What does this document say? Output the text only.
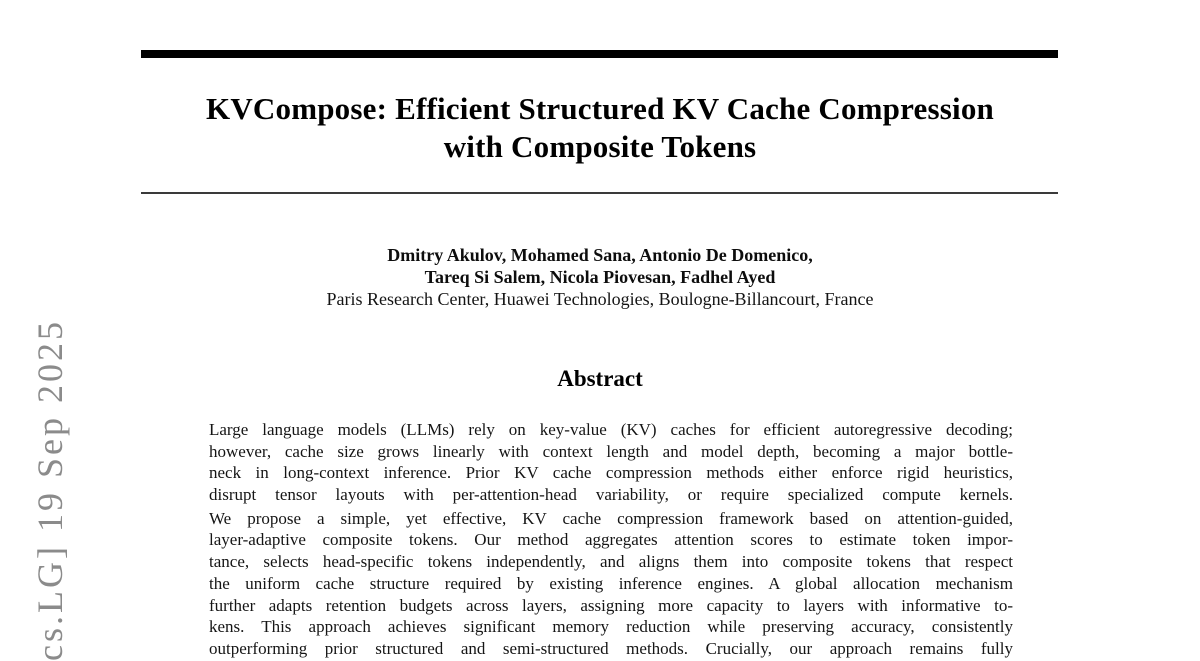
cs.LG] 19 Sep 2025
KVCompose: Efficient Structured KV Cache Compression
with Composite Tokens
Dmitry Akulov, Mohamed Sana, Antonio De Domenico,
Tareq Si Salem, Nicola Piovesan, Fadhel Ayed
Paris Research Center, Huawei Technologies, Boulogne-Billancourt, France
Abstract
Large language models (LLMs) rely on key-value (KV) caches for efficient autoregressive decoding;
however, cache size grows linearly with context length and model depth, becoming a major bottle-
neck in long-context inference. Prior KV cache compression methods either enforce rigid heuristics,
disrupt tensor layouts with per-attention-head variability, or require specialized compute kernels.
We propose a simple, yet effective, KV cache compression framework based on attention-guided,
layer-adaptive composite tokens. Our method aggregates attention scores to estimate token impor-
tance, selects head-specific tokens independently, and aligns them into composite tokens that respect
the uniform cache structure required by existing inference engines. A global allocation mechanism
further adapts retention budgets across layers, assigning more capacity to layers with informative to-
kens. This approach achieves significant memory reduction while preserving accuracy, consistently
outperforming prior structured and semi-structured methods. Crucially, our approach remains fully
